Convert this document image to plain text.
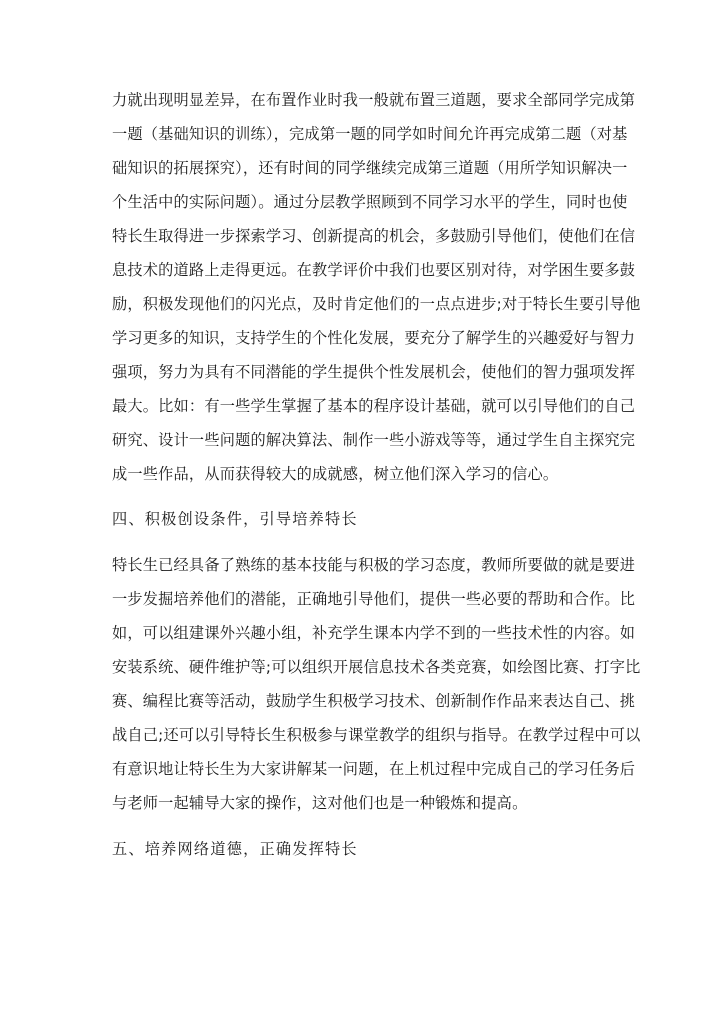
力就出现明显差异，在布置作业时我一般就布置三道题，要求全部同学完成第
一题（基础知识的训练），完成第一题的同学如时间允许再完成第二题（对基
础知识的拓展探究），还有时间的同学继续完成第三道题（用所学知识解决一
个生活中的实际问题）。通过分层教学照顾到不同学习水平的学生，同时也使
特长生取得进一步探索学习、创新提高的机会，多鼓励引导他们，使他们在信
息技术的道路上走得更远。在教学评价中我们也要区别对待，对学困生要多鼓
励，积极发现他们的闪光点，及时肯定他们的一点点进步;对于特长生要引导他
学习更多的知识，支持学生的个性化发展，要充分了解学生的兴趣爱好与智力
强项，努力为具有不同潜能的学生提供个性发展机会，使他们的智力强项发挥
最大。比如：有一些学生掌握了基本的程序设计基础，就可以引导他们的自己
研究、设计一些问题的解决算法、制作一些小游戏等等，通过学生自主探究完
成一些作品，从而获得较大的成就感，树立他们深入学习的信心。
四、积极创设条件，引导培养特长
特长生已经具备了熟练的基本技能与积极的学习态度，教师所要做的就是要进
一步发掘培养他们的潜能，正确地引导他们，提供一些必要的帮助和合作。比
如，可以组建课外兴趣小组，补充学生课本内学不到的一些技术性的内容。如
安装系统、硬件维护等;可以组织开展信息技术各类竞赛，如绘图比赛、打字比
赛、编程比赛等活动，鼓励学生积极学习技术、创新制作作品来表达自己、挑
战自己;还可以引导特长生积极参与课堂教学的组织与指导。在教学过程中可以
有意识地让特长生为大家讲解某一问题，在上机过程中完成自己的学习任务后
与老师一起辅导大家的操作，这对他们也是一种锻炼和提高。
五、培养网络道德，正确发挥特长
